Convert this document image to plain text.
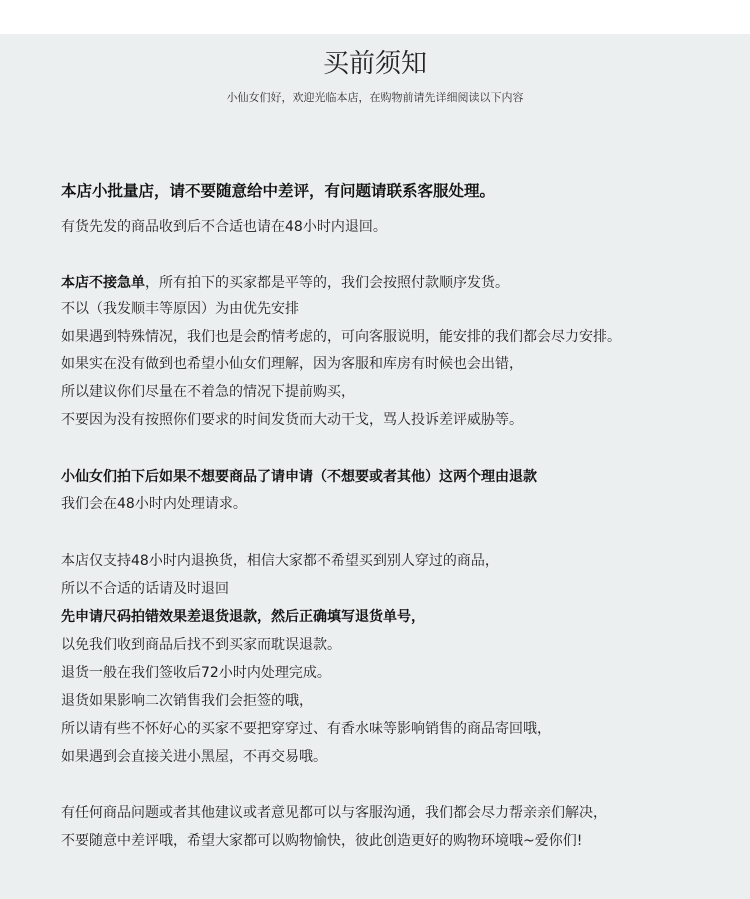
买前须知
小仙女们好，欢迎光临本店，在购物前请先详细阅读以下内容
本店小批量店，请不要随意给中差评，有问题请联系客服处理。
有货先发的商品收到后不合适也请在48小时内退回。
本店不接急单，所有拍下的买家都是平等的，我们会按照付款顺序发货。
不以（我发顺丰等原因）为由优先安排
如果遇到特殊情况，我们也是会酌情考虑的，可向客服说明，能安排的我们都会尽力安排。
如果实在没有做到也希望小仙女们理解，因为客服和库房有时候也会出错，
所以建议你们尽量在不着急的情况下提前购买，
不要因为没有按照你们要求的时间发货而大动干戈，骂人投诉差评威胁等。
小仙女们拍下后如果不想要商品了请申请（不想要或者其他）这两个理由退款
我们会在48小时内处理请求。
本店仅支持48小时内退换货，相信大家都不希望买到别人穿过的商品，
所以不合适的话请及时退回
先申请尺码拍错效果差退货退款，然后正确填写退货单号，
以免我们收到商品后找不到买家而耽误退款。
退货一般在我们签收后72小时内处理完成。
退货如果影响二次销售我们会拒签的哦，
所以请有些不怀好心的买家不要把穿穿过、有香水味等影响销售的商品寄回哦，
如果遇到会直接关进小黑屋，不再交易哦。
有任何商品问题或者其他建议或者意见都可以与客服沟通，我们都会尽力帮亲亲们解决，
不要随意中差评哦，希望大家都可以购物愉快，彼此创造更好的购物环境哦~爱你们!
